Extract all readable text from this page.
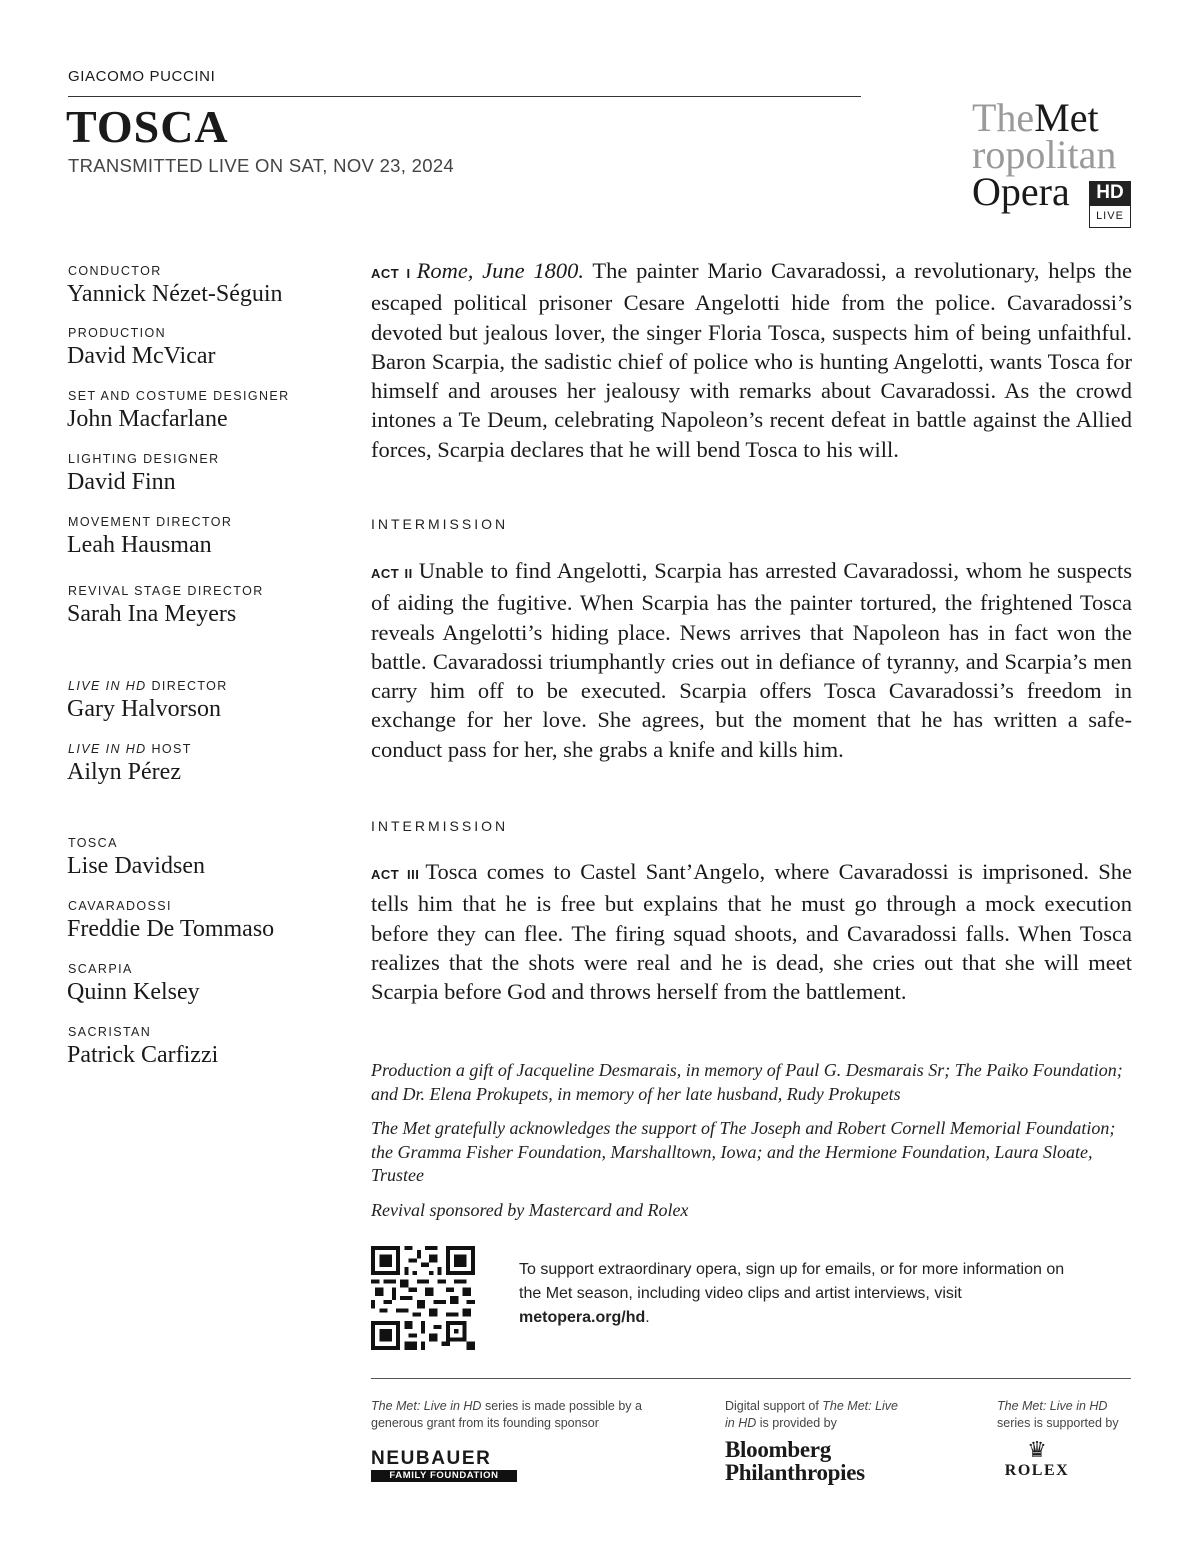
GIACOMO PUCCINI
TOSCA
TRANSMITTED LIVE ON SAT, NOV 23, 2024
TheMet
ropolitan
Opera	HD
LIVE
CONDUCTOR
Yannick Nézet-Séguin
PRODUCTION
David McVicar
SET AND COSTUME DESIGNER
John Macfarlane
LIGHTING DESIGNER
David Finn
MOVEMENT DIRECTOR
Leah Hausman
REVIVAL STAGE DIRECTOR
Sarah Ina Meyers
LIVE IN HD DIRECTOR
Gary Halvorson
LIVE IN HD HOST
Ailyn Pérez
TOSCA
Lise Davidsen
CAVARADOSSI
Freddie De Tommaso
SCARPIA
Quinn Kelsey
SACRISTAN
Patrick Carfizzi
ACT I Rome, June 1800. The painter Mario Cavaradossi, a revolutionary, helps the escaped political prisoner Cesare Angelotti hide from the police. Cavaradossi’s devoted but jealous lover, the singer Floria Tosca, suspects him of being unfaithful. Baron Scarpia, the sadistic chief of police who is hunting Angelotti, wants Tosca for himself and arouses her jealousy with remarks about Cavaradossi. As the crowd intones a Te Deum, celebrating Napoleon’s recent defeat in battle against the Allied forces, Scarpia declares that he will bend Tosca to his will.
INTERMISSION
ACT II Unable to find Angelotti, Scarpia has arrested Cavaradossi, whom he suspects of aiding the fugitive. When Scarpia has the painter tortured, the frightened Tosca reveals Angelotti’s hiding place. News arrives that Napoleon has in fact won the battle. Cavaradossi triumphantly cries out in defiance of tyranny, and Scarpia’s men carry him off to be executed. Scarpia offers Tosca Cavaradossi’s freedom in exchange for her love. She agrees, but the moment that he has written a safe-conduct pass for her, she grabs a knife and kills him.
INTERMISSION
ACT III Tosca comes to Castel Sant’Angelo, where Cavaradossi is imprisoned. She tells him that he is free but explains that he must go through a mock execution before they can flee. The firing squad shoots, and Cavaradossi falls. When Tosca realizes that the shots were real and he is dead, she cries out that she will meet Scarpia before God and throws herself from the battlement.
Production a gift of Jacqueline Desmarais, in memory of Paul G. Desmarais Sr; The Paiko Foundation; and Dr. Elena Prokupets, in memory of her late husband, Rudy Prokupets
The Met gratefully acknowledges the support of The Joseph and Robert Cornell Memorial Foundation; the Gramma Fisher Foundation, Marshalltown, Iowa; and the Hermione Foundation, Laura Sloate, Trustee
Revival sponsored by Mastercard and Rolex
To support extraordinary opera, sign up for emails, or for more information on the Met season, including video clips and artist interviews, visit metopera.org/hd.
The Met: Live in HD series is made possible by a generous grant from its founding sponsor
NEUBAUER
FAMILY FOUNDATION
Digital support of The Met: Live in HD is provided by
Bloomberg
Philanthropies
The Met: Live in HD series is supported by
♛
ROLEX
